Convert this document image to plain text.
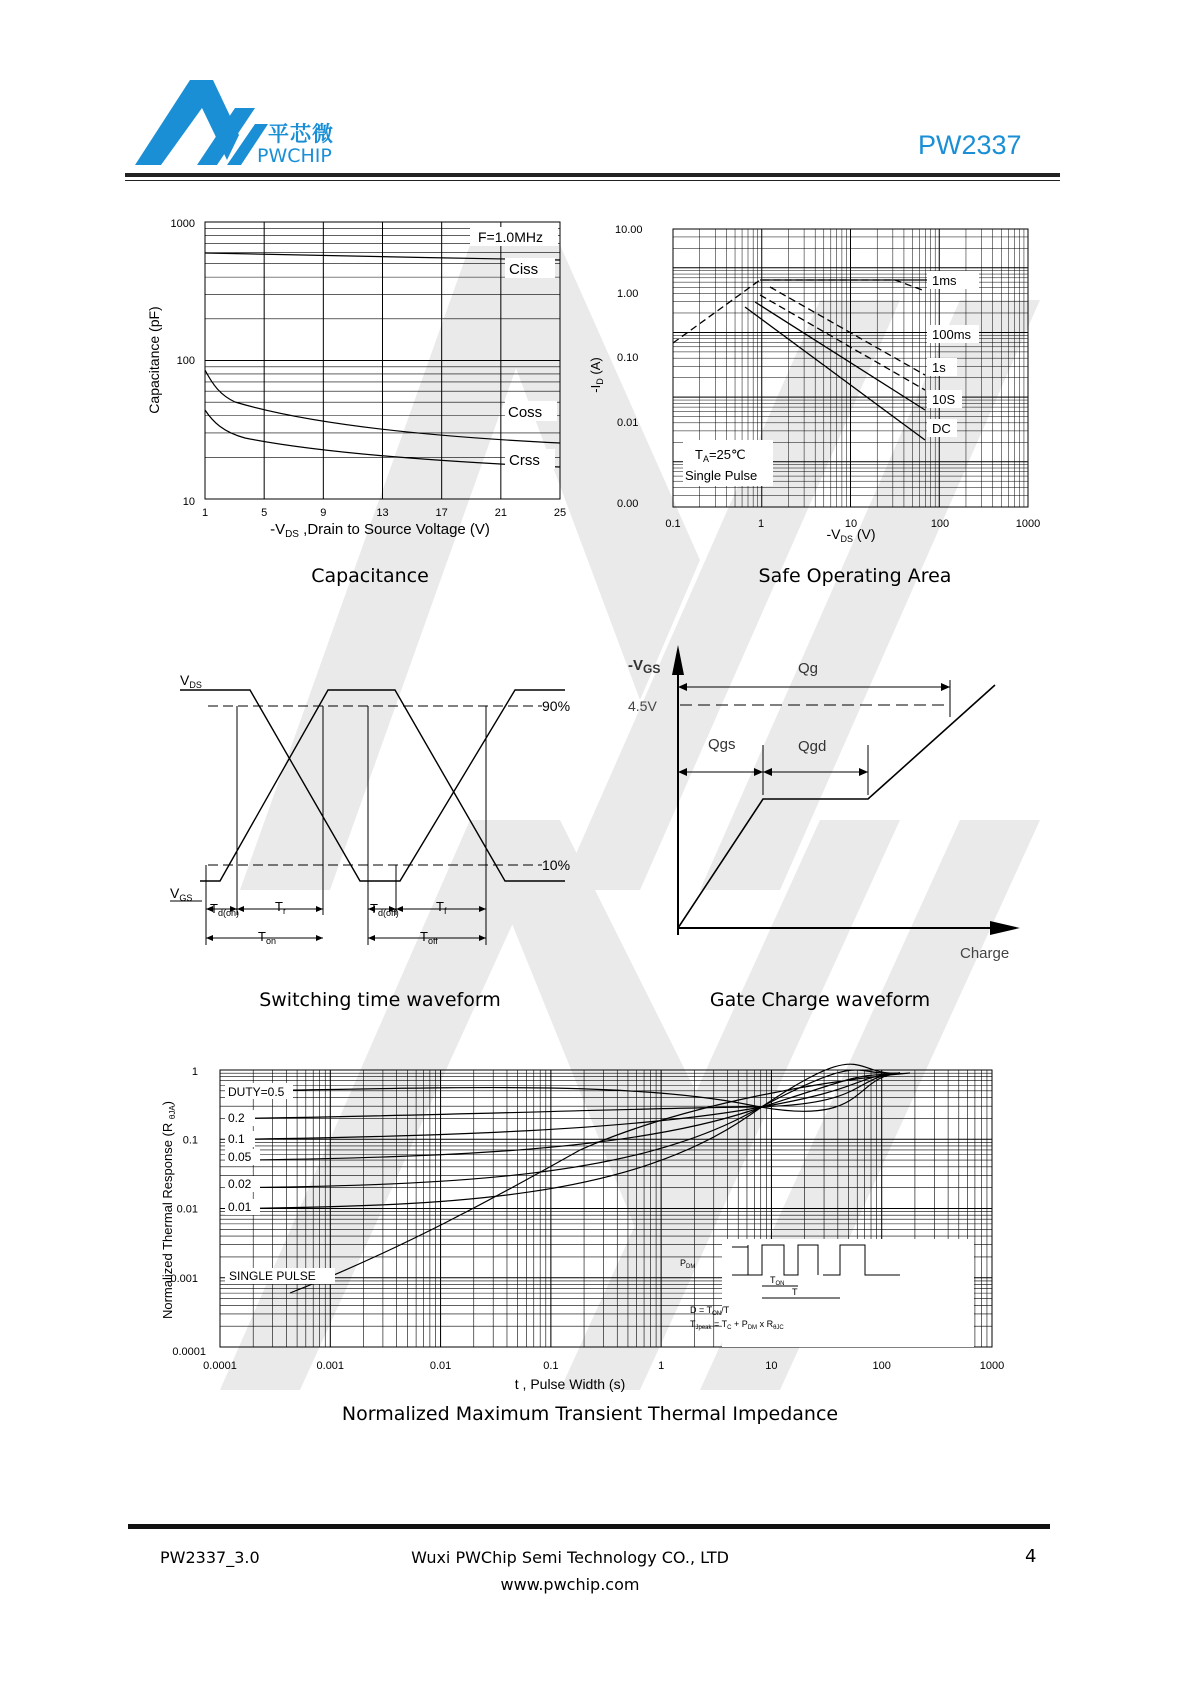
平芯微
PWCHIP	PW2337
F=1.0MHz
Ciss
Coss
Crss
1000
100
10
1	5	9	13	17	21	25
Capacitance (pF)
$-V_{DS}$ ,Drain to Source Voltage (V)
Capacitance
1ms
100ms
1s
10S
DC
$T_A=25℃$
Single Pulse
10.00
1.00
0.10
0.01
0.00
0.1	1	10	100	1000
$-I_D$ (A)
$-V_{DS}$ (V)
Safe Operating Area
90%
10%
$V_{DS}$
$V_{GS}$
$T_{d(on)}$	$T_r$	$T_{d(off)}$	$T_f$
$T_{on}$	$T_{off}$
Switching time waveform
$-V_{GS}$
4.5V
Qg
Qgs	Qgd
Charge
Gate Charge waveform
DUTY=0.5
0.2
0.1
0.05
0.02
0.01
SINGLE PULSE
$P_{DM}$
$T_{ON}$
T
$D = T_{ON}/T$
$T_{Jpeak} = T_C + P_{DM}$ x $R_{\theta JC}$
0.0001	0.001	0.01	0.1	1	10	100	1000
1
0.1
0.01
0.001
0.0001
Normalized Thermal Response (R $_{\theta JA}$)
t , Pulse Width (s)
Normalized Maximum Transient Thermal Impedance
PW2337_3.0	Wuxi PWChip Semi Technology CO., LTD
www.pwchip.com
4
